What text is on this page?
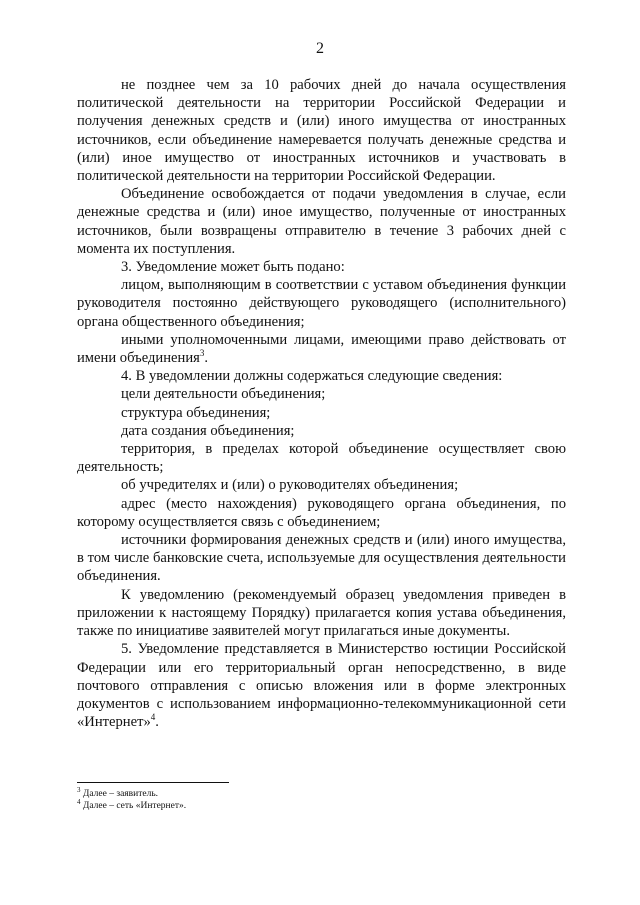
2

не позднее чем за 10 рабочих дней до начала осуществления политической деятельности на территории Российской Федерации и получения денежных средств и (или) иного имущества от иностранных источников, если объединение намеревается получать денежные средства и (или) иное имущество от иностранных источников и участвовать в политической деятельности на территории Российской Федерации.

Объединение освобождается от подачи уведомления в случае, если денежные средства и (или) иное имущество, полученные от иностранных источников, были возвращены отправителю в течение 3 рабочих дней с момента их поступления.

3. Уведомление может быть подано:

лицом, выполняющим в соответствии с уставом объединения функции руководителя постоянно действующего руководящего (исполнительного) органа общественного объединения;

иными уполномоченными лицами, имеющими право действовать от имени объединения$^3$.

4. В уведомлении должны содержаться следующие сведения:

цели деятельности объединения;

структура объединения;

дата создания объединения;

территория, в пределах которой объединение осуществляет свою деятельность;

об учредителях и (или) о руководителях объединения;

адрес (место нахождения) руководящего органа объединения, по которому осуществляется связь с объединением;

источники формирования денежных средств и (или) иного имущества, в том числе банковские счета, используемые для осуществления деятельности объединения.

К уведомлению (рекомендуемый образец уведомления приведен в приложении к настоящему Порядку) прилагается копия устава объединения, также по инициативе заявителей могут прилагаться иные документы.

5. Уведомление представляется в Министерство юстиции Российской Федерации или его территориальный орган непосредственно, в виде почтового отправления с описью вложения или в форме электронных документов с использованием информационно-телекоммуникационной сети «Интернет»$^4$.

$^3$ Далее – заявитель.
$^4$ Далее – сеть «Интернет».
